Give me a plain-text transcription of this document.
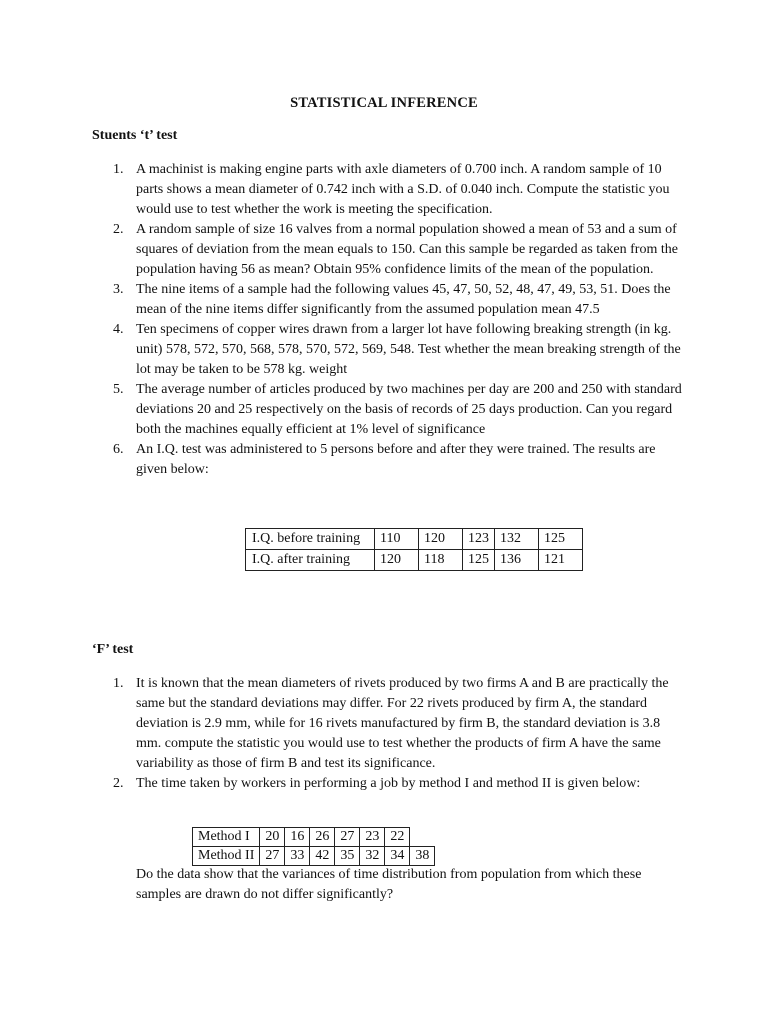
STATISTICAL INFERENCE
Stuents ‘t’ test
1. A machinist is making engine parts with axle diameters of 0.700 inch. A random sample of 10 parts shows a mean diameter of 0.742 inch with a S.D. of 0.040 inch. Compute the statistic you would use to test whether the work is meeting the specification.
2. A random sample of size 16 valves from a normal population showed a mean of 53 and a sum of squares of deviation from the mean equals to 150. Can this sample be regarded as taken from the population having 56 as mean? Obtain 95% confidence limits of the mean of the population.
3. The nine items of a sample had the following values 45, 47, 50, 52, 48, 47, 49, 53, 51. Does the mean of the nine items differ significantly from the assumed population mean 47.5
4. Ten specimens of copper wires drawn from a larger lot have following breaking strength (in kg. unit) 578, 572, 570, 568, 578, 570, 572, 569, 548. Test whether the mean breaking strength of the lot may be taken to be 578 kg. weight
5. The average number of articles produced by two machines per day are 200 and 250 with standard deviations 20 and 25 respectively on the basis of records of 25 days production. Can you regard both the machines equally efficient at 1% level of significance
6. An I.Q. test was administered to 5 persons before and after they were trained. The results are given below:
I.Q. before training	110	120	123	132	125
I.Q. after training	120	118	125	136	121
‘F’ test
1. It is known that the mean diameters of rivets produced by two firms A and B are practically the same but the standard deviations may differ. For 22 rivets produced by firm A, the standard deviation is 2.9 mm, while for 16 rivets manufactured by firm B, the standard deviation is 3.8 mm. compute the statistic you would use to test whether the products of firm A have the same variability as those of firm B and test its significance.
2. The time taken by workers in performing a job by method I and method II is given below:
Method I	20	16	26	27	23	22	
Method II	27	33	42	35	32	34	38
Do the data show that the variances of time distribution from population from which these samples are drawn do not differ significantly?
